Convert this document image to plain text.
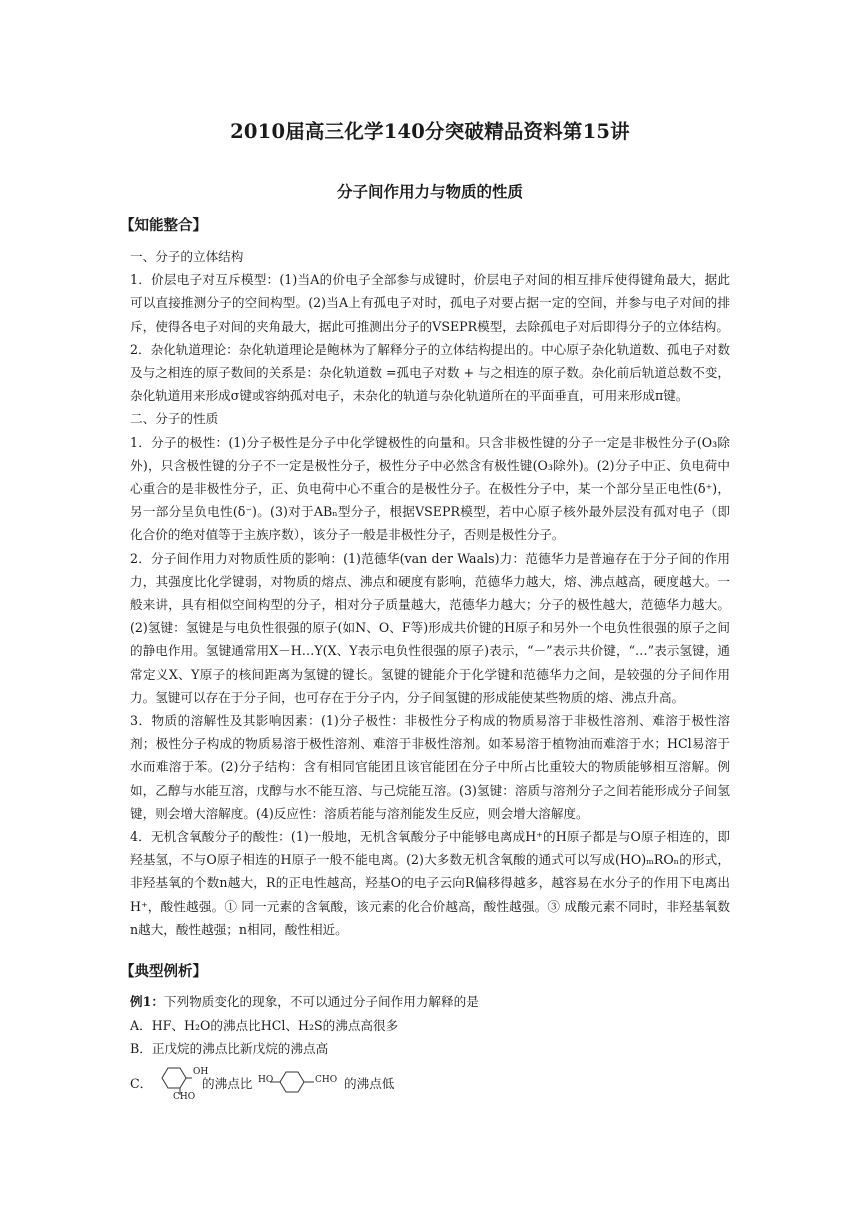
2010届高三化学140分突破精品资料第15讲
分子间作用力与物质的性质
【知能整合】

一、分子的立体结构

1．价层电子对互斥模型：(1)当A的价电子全部参与成键时，价层电子对间的相互排斥使得键角最大，据此可以直接推测分子的空间构型。(2)当A上有孤电子对时，孤电子对要占据一定的空间，并参与电子对间的排斥，使得各电子对间的夹角最大，据此可推测出分子的VSEPR模型，去除孤电子对后即得分子的立体结构。

2．杂化轨道理论：杂化轨道理论是鲍林为了解释分子的立体结构提出的。中心原子杂化轨道数、孤电子对数及与之相连的原子数间的关系是：杂化轨道数 =孤电子对数 + 与之相连的原子数。杂化前后轨道总数不变，杂化轨道用来形成σ键或容纳孤对电子，未杂化的轨道与杂化轨道所在的平面垂直，可用来形成π键。

二、分子的性质

1．分子的极性：(1)分子极性是分子中化学键极性的向量和。只含非极性键的分子一定是非极性分子(O₃除外)，只含极性键的分子不一定是极性分子，极性分子中必然含有极性键(O₃除外)。(2)分子中正、负电荷中心重合的是非极性分子，正、负电荷中心不重合的是极性分子。在极性分子中，某一个部分呈正电性(δ⁺)，另一部分呈负电性(δ⁻)。(3)对于ABₙ型分子，根据VSEPR模型，若中心原子核外最外层没有孤对电子（即化合价的绝对值等于主族序数），该分子一般是非极性分子，否则是极性分子。

2．分子间作用力对物质性质的影响：(1)范德华(van der Waals)力：范德华力是普遍存在于分子间的作用力，其强度比化学键弱，对物质的熔点、沸点和硬度有影响，范德华力越大，熔、沸点越高，硬度越大。一般来讲，具有相似空间构型的分子，相对分子质量越大，范德华力越大；分子的极性越大，范德华力越大。(2)氢键：氢键是与电负性很强的原子(如N、O、F等)形成共价键的H原子和另外一个电负性很强的原子之间的静电作用。氢键通常用X－H…Y(X、Y表示电负性很强的原子)表示，“－”表示共价键，“…”表示氢键，通常定义X、Y原子的核间距离为氢键的键长。氢键的键能介于化学键和范德华力之间，是较强的分子间作用力。氢键可以存在于分子间，也可存在于分子内，分子间氢键的形成能使某些物质的熔、沸点升高。

3．物质的溶解性及其影响因素：(1)分子极性：非极性分子构成的物质易溶于非极性溶剂、难溶于极性溶剂；极性分子构成的物质易溶于极性溶剂、难溶于非极性溶剂。如苯易溶于植物油而难溶于水；HCl易溶于水而难溶于苯。(2)分子结构：含有相同官能团且该官能团在分子中所占比重较大的物质能够相互溶解。例如，乙醇与水能互溶，戊醇与水不能互溶、与己烷能互溶。(3)氢键：溶质与溶剂分子之间若能形成分子间氢键，则会增大溶解度。(4)反应性：溶质若能与溶剂能发生反应，则会增大溶解度。

4．无机含氧酸分子的酸性：(1)一般地，无机含氧酸分子中能够电离成H⁺的H原子都是与O原子相连的，即羟基氢，不与O原子相连的H原子一般不能电离。(2)大多数无机含氧酸的通式可以写成(HO)ₘROₙ的形式，非羟基氧的个数n越大，R的正电性越高，羟基O的电子云向R偏移得越多，越容易在水分子的作用下电离出H⁺，酸性越强。① 同一元素的含氧酸，该元素的化合价越高，酸性越强。③ 成酸元素不同时，非羟基氧数n越大，酸性越强；n相同，酸性相近。

【典型例析】

例1：下列物质变化的现象，不可以通过分子间作用力解释的是

A．HF、H₂O的沸点比HCl、H₂S的沸点高很多

B．正戊烷的沸点比新戊烷的沸点高

C．
OH
CHO
的沸点比 HO	CHO 的沸点低
